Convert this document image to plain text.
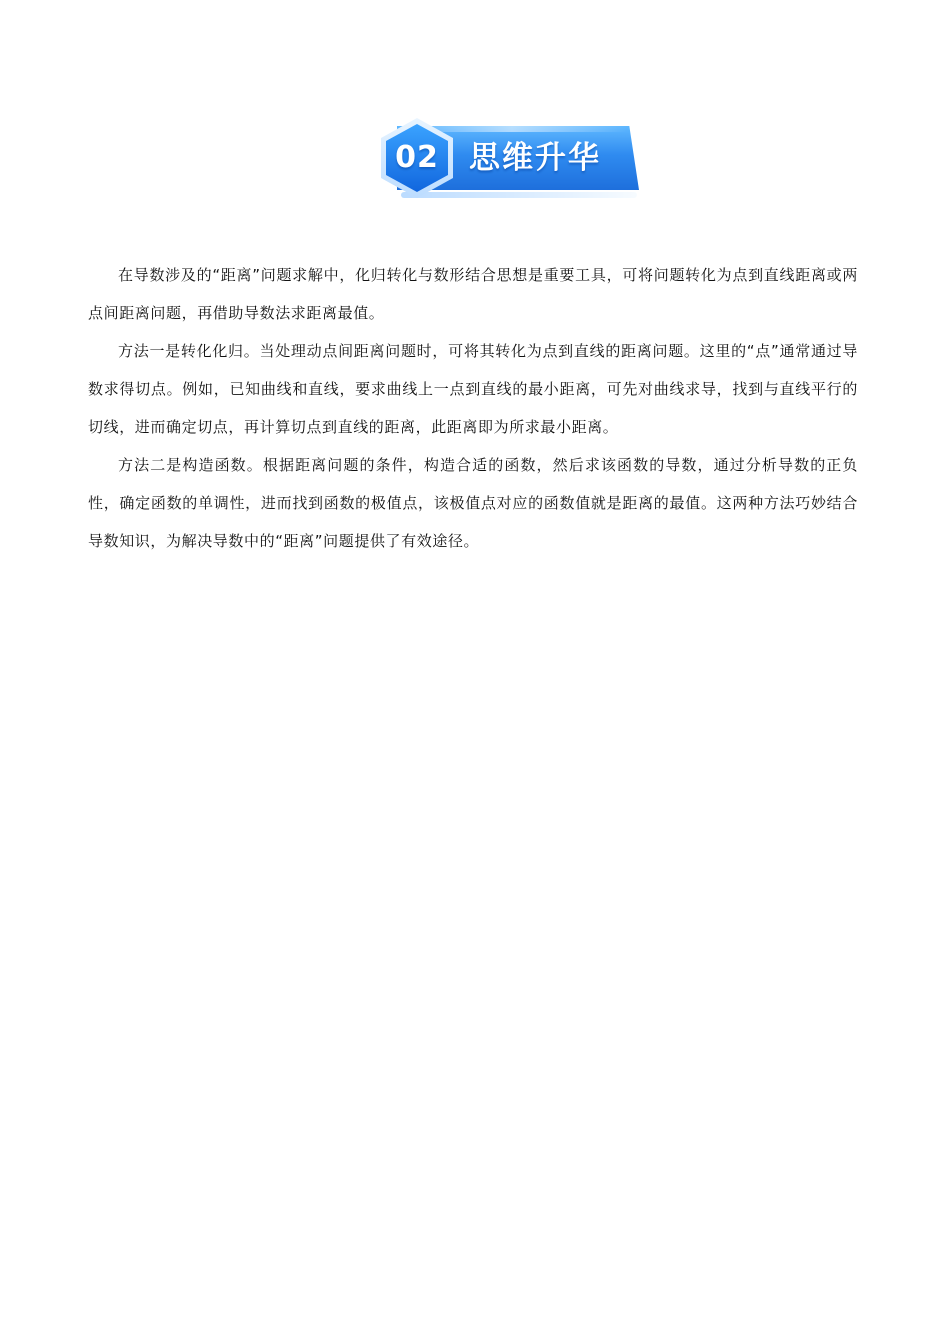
02 思维升华

在导数涉及的“距离”问题求解中，化归转化与数形结合思想是重要工具，可将问题转化为点到直线距离或两点间距离问题，再借助导数法求距离最值。

方法一是转化化归。当处理动点间距离问题时，可将其转化为点到直线的距离问题。这里的“点”通常通过导数求得切点。例如，已知曲线和直线，要求曲线上一点到直线的最小距离，可先对曲线求导，找到与直线平行的切线，进而确定切点，再计算切点到直线的距离，此距离即为所求最小距离。

方法二是构造函数。根据距离问题的条件，构造合适的函数，然后求该函数的导数，通过分析导数的正负性，确定函数的单调性，进而找到函数的极值点，该极值点对应的函数值就是距离的最值。这两种方法巧妙结合导数知识，为解决导数中的“距离”问题提供了有效途径。
